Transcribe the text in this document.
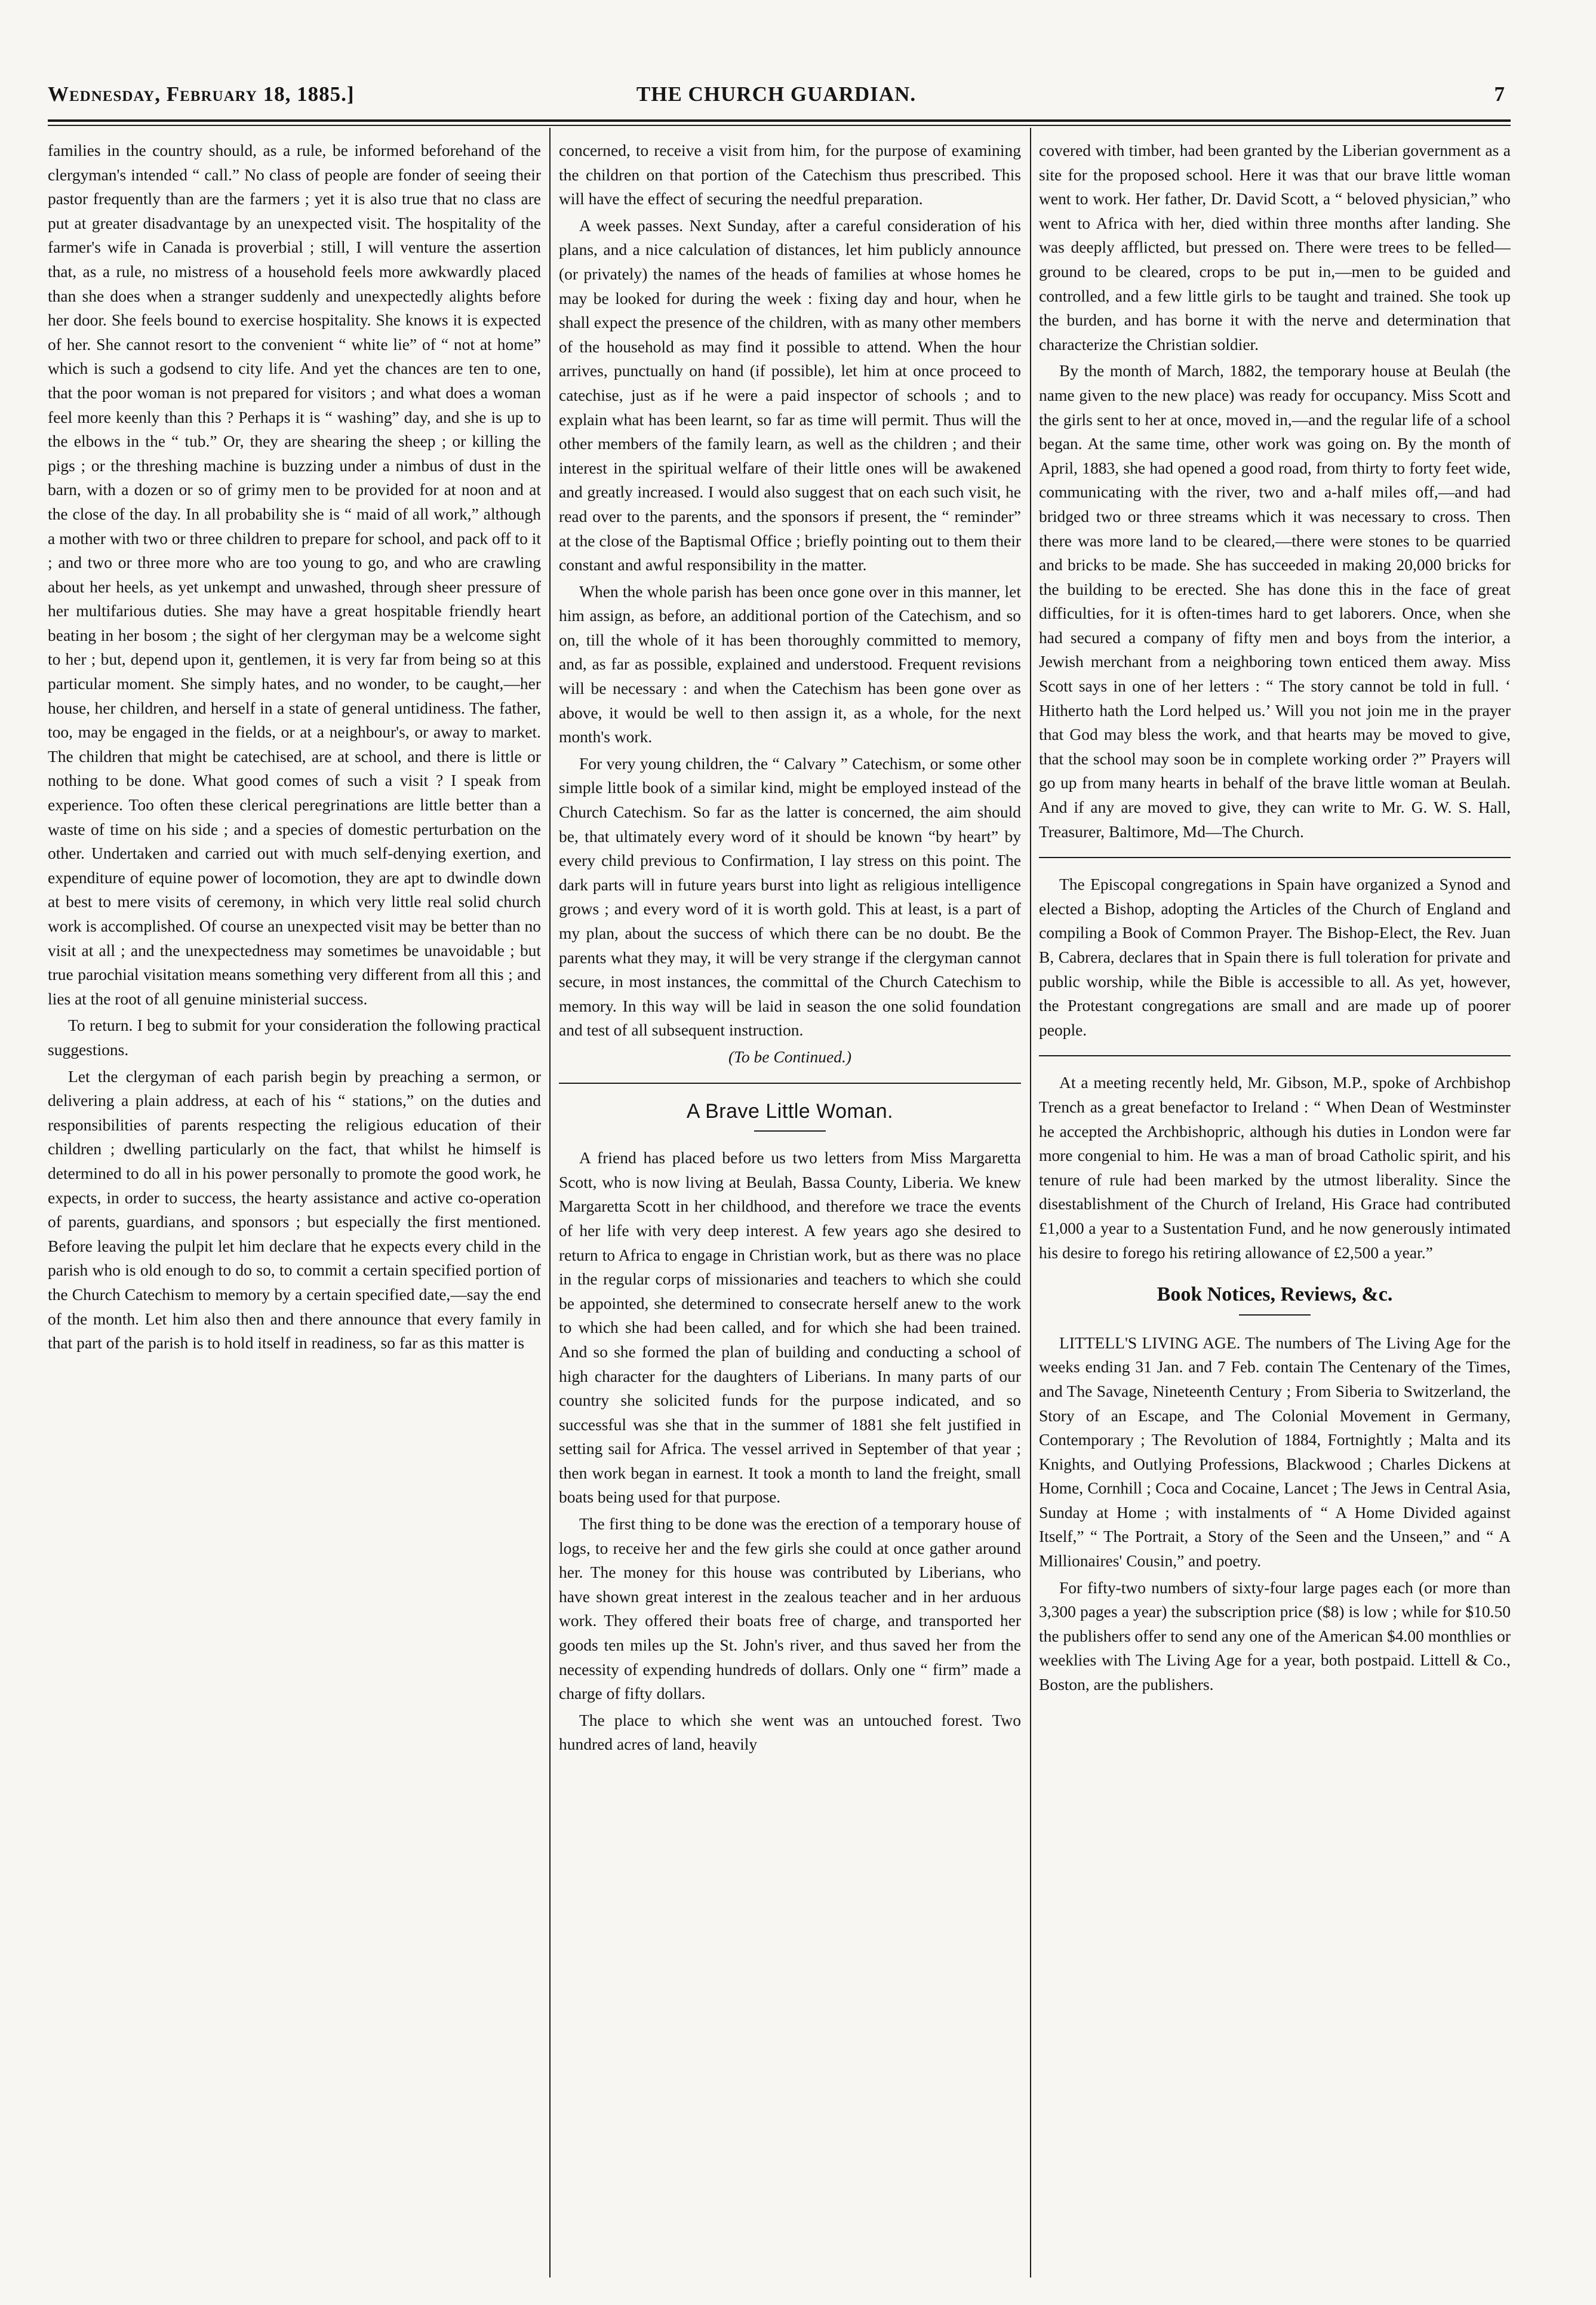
Wednesday, February 18, 1885.]	THE CHURCH GUARDIAN.	7

families in the country should, as a rule, be informed beforehand of the clergyman's intended “ call.” No class of people are fonder of seeing their pastor frequently than are the farmers ; yet it is also true that no class are put at greater disadvantage by an unexpected visit. The hospitality of the farmer's wife in Canada is proverbial ; still, I will venture the assertion that, as a rule, no mistress of a household feels more awkwardly placed than she does when a stranger suddenly and unexpectedly alights before her door. She feels bound to exercise hospitality. She knows it is expected of her. She cannot resort to the convenient “ white lie” of “ not at home” which is such a godsend to city life. And yet the chances are ten to one, that the poor woman is not prepared for visitors ; and what does a woman feel more keenly than this ? Perhaps it is “ washing” day, and she is up to the elbows in the “ tub.” Or, they are shearing the sheep ; or killing the pigs ; or the threshing machine is buzzing under a nimbus of dust in the barn, with a dozen or so of grimy men to be provided for at noon and at the close of the day. In all probability she is “ maid of all work,” although a mother with two or three children to prepare for school, and pack off to it ; and two or three more who are too young to go, and who are crawling about her heels, as yet unkempt and unwashed, through sheer pressure of her multifarious duties. She may have a great hospitable friendly heart beating in her bosom ; the sight of her clergyman may be a welcome sight to her ; but, depend upon it, gentlemen, it is very far from being so at this particular moment. She simply hates, and no wonder, to be caught,—her house, her children, and herself in a state of general untidiness. The father, too, may be engaged in the fields, or at a neighbour's, or away to market. The children that might be catechised, are at school, and there is little or nothing to be done. What good comes of such a visit ? I speak from experience. Too often these clerical peregrinations are little better than a waste of time on his side ; and a species of domestic perturbation on the other. Undertaken and carried out with much self-denying exertion, and expenditure of equine power of locomotion, they are apt to dwindle down at best to mere visits of ceremony, in which very little real solid church work is accomplished. Of course an unexpected visit may be better than no visit at all ; and the unexpectedness may sometimes be unavoidable ; but true parochial visitation means something very different from all this ; and lies at the root of all genuine ministerial success.

To return. I beg to submit for your consideration the following practical suggestions.

Let the clergyman of each parish begin by preaching a sermon, or delivering a plain address, at each of his “ stations,” on the duties and responsibilities of parents respecting the religious education of their children ; dwelling particularly on the fact, that whilst he himself is determined to do all in his power personally to promote the good work, he expects, in order to success, the hearty assistance and active co-operation of parents, guardians, and sponsors ; but especially the first mentioned. Before leaving the pulpit let him declare that he expects every child in the parish who is old enough to do so, to commit a certain specified portion of the Church Catechism to memory by a certain specified date,—say the end of the month. Let him also then and there announce that every family in that part of the parish is to hold itself in readiness, so far as this matter is

concerned, to receive a visit from him, for the purpose of examining the children on that portion of the Catechism thus prescribed. This will have the effect of securing the needful preparation.

A week passes. Next Sunday, after a careful consideration of his plans, and a nice calculation of distances, let him publicly announce (or privately) the names of the heads of families at whose homes he may be looked for during the week : fixing day and hour, when he shall expect the presence of the children, with as many other members of the household as may find it possible to attend. When the hour arrives, punctually on hand (if possible), let him at once proceed to catechise, just as if he were a paid inspector of schools ; and to explain what has been learnt, so far as time will permit. Thus will the other members of the family learn, as well as the children ; and their interest in the spiritual welfare of their little ones will be awakened and greatly increased. I would also suggest that on each such visit, he read over to the parents, and the sponsors if present, the “ reminder” at the close of the Baptismal Office ; briefly pointing out to them their constant and awful responsibility in the matter.

When the whole parish has been once gone over in this manner, let him assign, as before, an additional portion of the Catechism, and so on, till the whole of it has been thoroughly committed to memory, and, as far as possible, explained and understood. Frequent revisions will be necessary : and when the Catechism has been gone over as above, it would be well to then assign it, as a whole, for the next month's work.

For very young children, the “ Calvary ” Catechism, or some other simple little book of a similar kind, might be employed instead of the Church Catechism. So far as the latter is concerned, the aim should be, that ultimately every word of it should be known “by heart” by every child previous to Confirmation, I lay stress on this point. The dark parts will in future years burst into light as religious intelligence grows ; and every word of it is worth gold. This at least, is a part of my plan, about the success of which there can be no doubt. Be the parents what they may, it will be very strange if the clergyman cannot secure, in most instances, the committal of the Church Catechism to memory. In this way will be laid in season the one solid foundation and test of all subsequent instruction.

(To be Continued.)

A Brave Little Woman.

A friend has placed before us two letters from Miss Margaretta Scott, who is now living at Beulah, Bassa County, Liberia. We knew Margaretta Scott in her childhood, and therefore we trace the events of her life with very deep interest. A few years ago she desired to return to Africa to engage in Christian work, but as there was no place in the regular corps of missionaries and teachers to which she could be appointed, she determined to consecrate herself anew to the work to which she had been called, and for which she had been trained. And so she formed the plan of building and conducting a school of high character for the daughters of Liberians. In many parts of our country she solicited funds for the purpose indicated, and so successful was she that in the summer of 1881 she felt justified in setting sail for Africa. The vessel arrived in September of that year ; then work began in earnest. It took a month to land the freight, small boats being used for that purpose.

The first thing to be done was the erection of a temporary house of logs, to receive her and the few girls she could at once gather around her. The money for this house was contributed by Liberians, who have shown great interest in the zealous teacher and in her arduous work. They offered their boats free of charge, and transported her goods ten miles up the St. John's river, and thus saved her from the necessity of expending hundreds of dollars. Only one “ firm” made a charge of fifty dollars.

The place to which she went was an untouched forest. Two hundred acres of land, heavily

covered with timber, had been granted by the Liberian government as a site for the proposed school. Here it was that our brave little woman went to work. Her father, Dr. David Scott, a “ beloved physician,” who went to Africa with her, died within three months after landing. She was deeply afflicted, but pressed on. There were trees to be felled—ground to be cleared, crops to be put in,—men to be guided and controlled, and a few little girls to be taught and trained. She took up the burden, and has borne it with the nerve and determination that characterize the Christian soldier.

By the month of March, 1882, the temporary house at Beulah (the name given to the new place) was ready for occupancy. Miss Scott and the girls sent to her at once, moved in,—and the regular life of a school began. At the same time, other work was going on. By the month of April, 1883, she had opened a good road, from thirty to forty feet wide, communicating with the river, two and a-half miles off,—and had bridged two or three streams which it was necessary to cross. Then there was more land to be cleared,—there were stones to be quarried and bricks to be made. She has succeeded in making 20,000 bricks for the building to be erected. She has done this in the face of great difficulties, for it is often-times hard to get laborers. Once, when she had secured a company of fifty men and boys from the interior, a Jewish merchant from a neighboring town enticed them away. Miss Scott says in one of her letters : “ The story cannot be told in full. ‘ Hitherto hath the Lord helped us.’ Will you not join me in the prayer that God may bless the work, and that hearts may be moved to give, that the school may soon be in complete working order ?” Prayers will go up from many hearts in behalf of the brave little woman at Beulah. And if any are moved to give, they can write to Mr. G. W. S. Hall, Treasurer, Baltimore, Md—The Church.

The Episcopal congregations in Spain have organized a Synod and elected a Bishop, adopting the Articles of the Church of England and compiling a Book of Common Prayer. The Bishop-Elect, the Rev. Juan B, Cabrera, declares that in Spain there is full toleration for private and public worship, while the Bible is accessible to all. As yet, however, the Protestant congregations are small and are made up of poorer people.

At a meeting recently held, Mr. Gibson, M.P., spoke of Archbishop Trench as a great benefactor to Ireland : “ When Dean of Westminster he accepted the Archbishopric, although his duties in London were far more congenial to him. He was a man of broad Catholic spirit, and his tenure of rule had been marked by the utmost liberality. Since the disestablishment of the Church of Ireland, His Grace had contributed £1,000 a year to a Sustentation Fund, and he now generously intimated his desire to forego his retiring allowance of £2,500 a year.”

Book Notices, Reviews, &c.

LITTELL'S LIVING AGE. The numbers of The Living Age for the weeks ending 31 Jan. and 7 Feb. contain The Centenary of the Times, and The Savage, Nineteenth Century ; From Siberia to Switzerland, the Story of an Escape, and The Colonial Movement in Germany, Contemporary ; The Revolution of 1884, Fortnightly ; Malta and its Knights, and Outlying Professions, Blackwood ; Charles Dickens at Home, Cornhill ; Coca and Cocaine, Lancet ; The Jews in Central Asia, Sunday at Home ; with instalments of “ A Home Divided against Itself,” “ The Portrait, a Story of the Seen and the Unseen,” and “ A Millionaires' Cousin,” and poetry.

For fifty-two numbers of sixty-four large pages each (or more than 3,300 pages a year) the subscription price ($8) is low ; while for $10.50 the publishers offer to send any one of the American $4.00 monthlies or weeklies with The Living Age for a year, both postpaid. Littell & Co., Boston, are the publishers.
